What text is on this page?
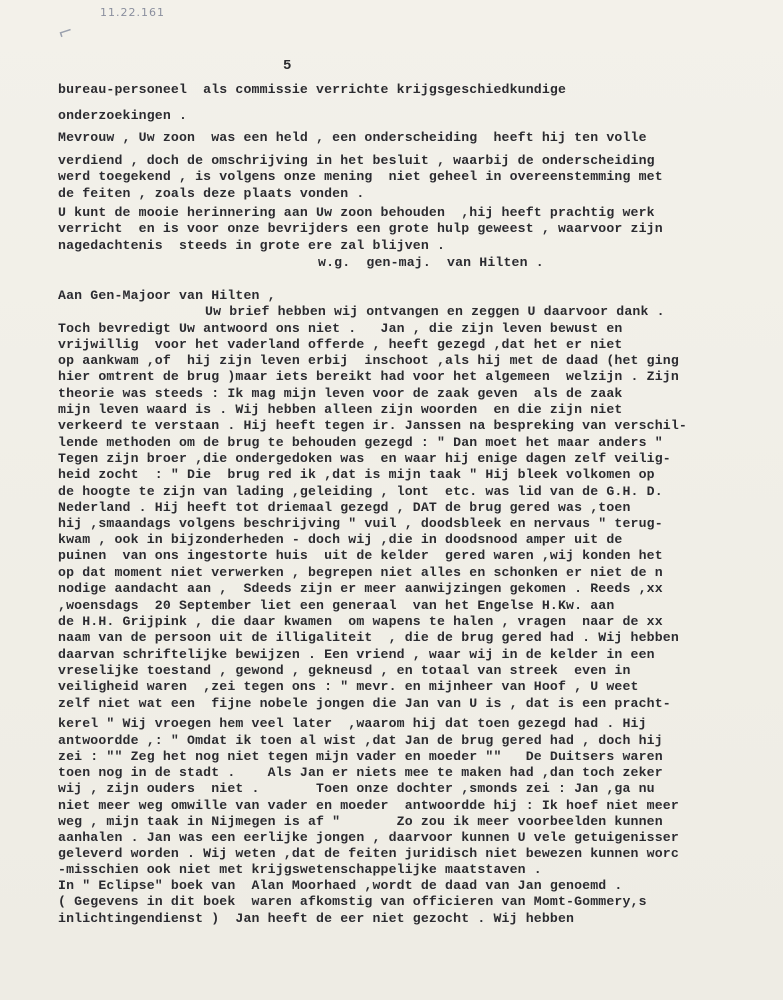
11.22.161
⌐
5
bureau-personeel  als commissie verrichte krijgsgeschiedkundige
onderzoekingen .
Mevrouw , Uw zoon  was een held , een onderscheiding  heeft hij ten volle
verdiend , doch de omschrijving in het besluit , waarbij de onderscheiding
werd toegekend , is volgens onze mening  niet geheel in overeenstemming met
de feiten , zoals deze plaats vonden .
U kunt de mooie herinnering aan Uw zoon behouden  ,hij heeft prachtig werk
verricht  en is voor onze bevrijders een grote hulp geweest , waarvoor zijn
nagedachtenis  steeds in grote ere zal blijven .
w.g.  gen-maj.  van Hilten .
Aan Gen-Majoor van Hilten ,
Uw brief hebben wij ontvangen en zeggen U daarvoor dank .
Toch bevredigt Uw antwoord ons niet .   Jan , die zijn leven bewust en
vrijwillig  voor het vaderland offerde , heeft gezegd ,dat het er niet
op aankwam ,of  hij zijn leven erbij  inschoot ,als hij met de daad (het ging
hier omtrent de brug )maar iets bereikt had voor het algemeen  welzijn . Zijn
theorie was steeds : Ik mag mijn leven voor de zaak geven  als de zaak
mijn leven waard is . Wij hebben alleen zijn woorden  en die zijn niet
verkeerd te verstaan . Hij heeft tegen ir. Janssen na bespreking van verschil-
lende methoden om de brug te behouden gezegd : " Dan moet het maar anders "
Tegen zijn broer ,die ondergedoken was  en waar hij enige dagen zelf veilig-
heid zocht  : " Die  brug red ik ,dat is mijn taak " Hij bleek volkomen op
de hoogte te zijn van lading ,geleiding , lont  etc. was lid van de G.H. D.
Nederland . Hij heeft tot driemaal gezegd , DAT de brug gered was ,toen
hij ,smaandags volgens beschrijving " vuil , doodsbleek en nervaus " terug-
kwam , ook in bijzonderheden - doch wij ,die in doodsnood amper uit de
puinen  van ons ingestorte huis  uit de kelder  gered waren ,wij konden het
op dat moment niet verwerken , begrepen niet alles en schonken er niet de n
nodige aandacht aan ,  Sdeeds zijn er meer aanwijzingen gekomen . Reeds ,xx
,woensdags  20 September liet een generaal  van het Engelse H.Kw. aan
de H.H. Grijpink , die daar kwamen  om wapens te halen , vragen  naar de xx
naam van de persoon uit de illigaliteit  , die de brug gered had . Wij hebben
daarvan schriftelijke bewijzen . Een vriend , waar wij in de kelder in een
vreselijke toestand , gewond , gekneusd , en totaal van streek  even in
veiligheid waren  ,zei tegen ons : " mevr. en mijnheer van Hoof , U weet
zelf niet wat een  fijne nobele jongen die Jan van U is , dat is een pracht-
kerel " Wij vroegen hem veel later  ,waarom hij dat toen gezegd had . Hij
antwoordde ,: " Omdat ik toen al wist ,dat Jan de brug gered had , doch hij
zei : "" Zeg het nog niet tegen mijn vader en moeder ""   De Duitsers waren
toen nog in de stadt .    Als Jan er niets mee te maken had ,dan toch zeker
wij , zijn ouders  niet .       Toen onze dochter ,smonds zei : Jan ,ga nu
niet meer weg omwille van vader en moeder  antwoordde hij : Ik hoef niet meer
weg , mijn taak in Nijmegen is af "       Zo zou ik meer voorbeelden kunnen
aanhalen . Jan was een eerlijke jongen , daarvoor kunnen U vele getuigenisser
geleverd worden . Wij weten ,dat de feiten juridisch niet bewezen kunnen worc
-misschien ook niet met krijgswetenschappelijke maatstaven .
In " Eclipse" boek van  Alan Moorhaed ,wordt de daad van Jan genoemd .
( Gegevens in dit boek  waren afkomstig van officieren van Momt-Gommery,s
inlichtingendienst )  Jan heeft de eer niet gezocht . Wij hebben
